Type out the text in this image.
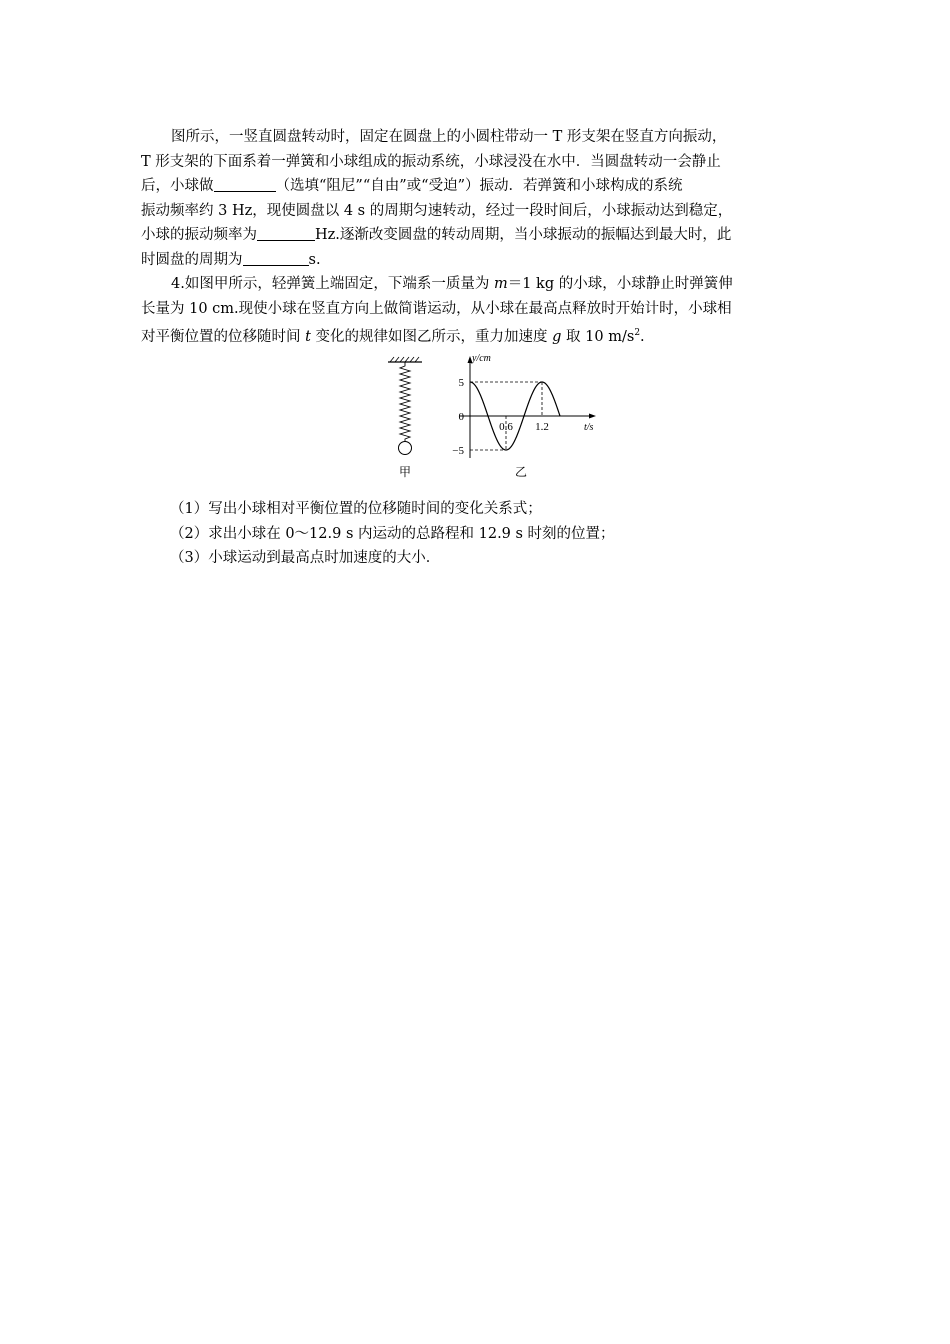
图所示，一竖直圆盘转动时，固定在圆盘上的小圆柱带动一 T 形支架在竖直方向振动，

T 形支架的下面系着一弹簧和小球组成的振动系统，小球浸没在水中．当圆盘转动一会静止

后，小球做	（选填“阻尼”“自由”或“受迫”）振动．若弹簧和小球构成的系统

振动频率约 3 Hz，现使圆盘以 4 s 的周期匀速转动，经过一段时间后，小球振动达到稳定，

小球的振动频率为	Hz.逐渐改变圆盘的转动周期，当小球振动的振幅达到最大时，此

时圆盘的周期为	s.

4.如图甲所示，轻弹簧上端固定，下端系一质量为 m＝1 kg 的小球，小球静止时弹簧伸

长量为 10 cm.现使小球在竖直方向上做简谐运动，从小球在最高点释放时开始计时，小球相

对平衡位置的位移随时间 t 变化的规律如图乙所示，重力加速度 g 取 10 $m/s^2$.

甲
y/cm
5
0
−5
0.6 1.2	t/s
乙

（1）写出小球相对平衡位置的位移随时间的变化关系式；

（2）求出小球在 0～12.9 s 内运动的总路程和 12.9 s 时刻的位置；

（3）小球运动到最高点时加速度的大小．
